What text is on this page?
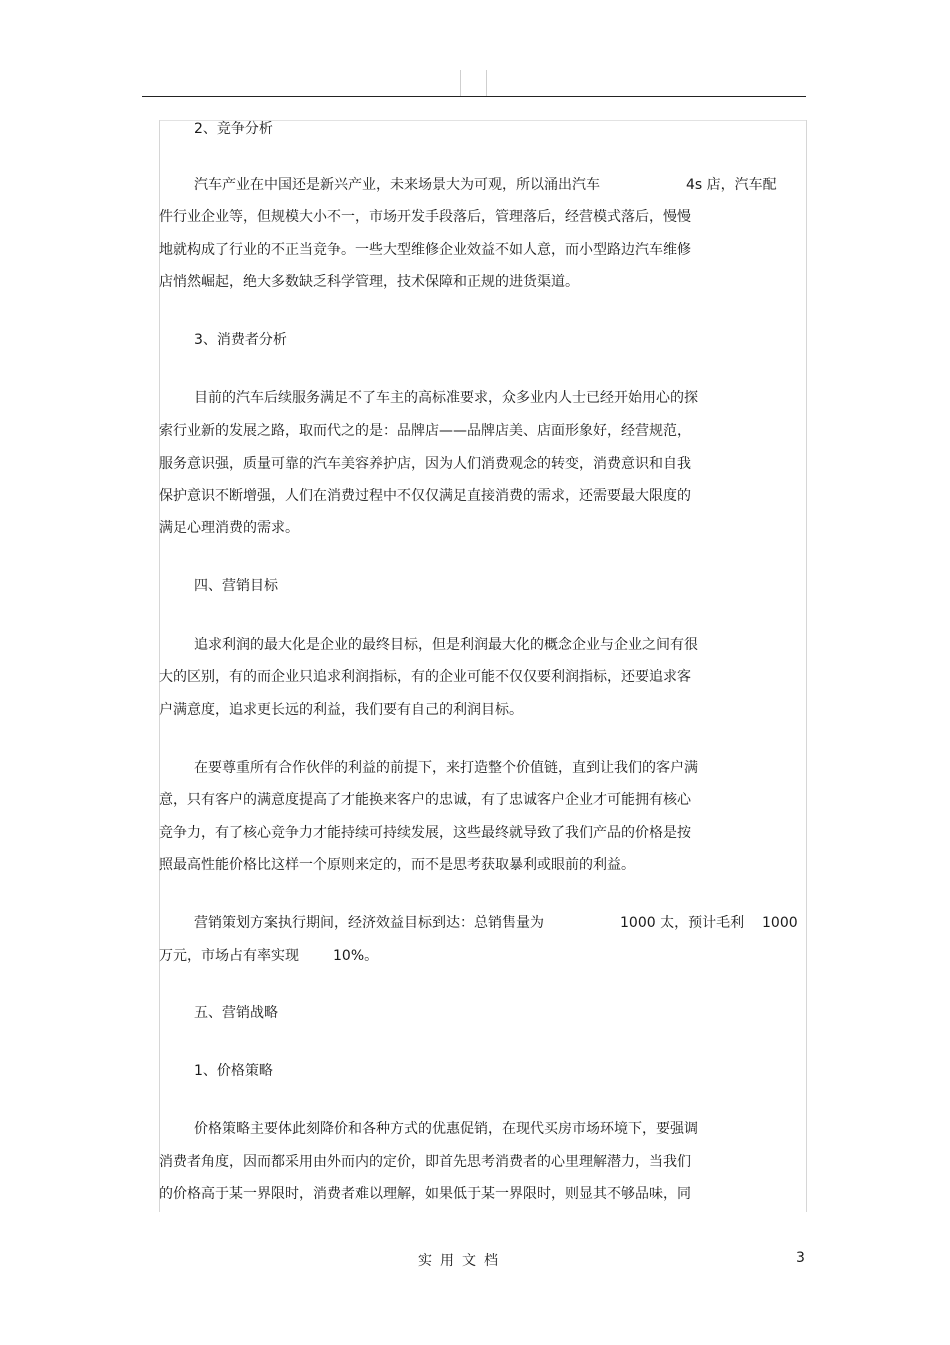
2、竞争分析
汽车产业在中国还是新兴产业，未来场景大为可观，所以涌出汽车	4s 店，汽车配
件行业企业等，但规模大小不一，市场开发手段落后，管理落后，经营模式落后，慢慢
地就构成了行业的不正当竞争。一些大型维修企业效益不如人意，而小型路边汽车维修
店悄然崛起，绝大多数缺乏科学管理，技术保障和正规的进货渠道。
3、消费者分析
目前的汽车后续服务满足不了车主的高标准要求，众多业内人士已经开始用心的探
索行业新的发展之路，取而代之的是：品牌店——品牌店美、店面形象好，经营规范，
服务意识强，质量可靠的汽车美容养护店，因为人们消费观念的转变，消费意识和自我
保护意识不断增强，人们在消费过程中不仅仅满足直接消费的需求，还需要最大限度的
满足心理消费的需求。
四、营销目标
追求利润的最大化是企业的最终目标，但是利润最大化的概念企业与企业之间有很
大的区别，有的而企业只追求利润指标，有的企业可能不仅仅要利润指标，还要追求客
户满意度，追求更长远的利益，我们要有自己的利润目标。
在要尊重所有合作伙伴的利益的前提下，来打造整个价值链，直到让我们的客户满
意，只有客户的满意度提高了才能换来客户的忠诚，有了忠诚客户企业才可能拥有核心
竞争力，有了核心竞争力才能持续可持续发展，这些最终就导致了我们产品的价格是按
照最高性能价格比这样一个原则来定的，而不是思考获取暴利或眼前的利益。
营销策划方案执行期间，经济效益目标到达：总销售量为	1000 太，预计毛利 1000
万元，市场占有率实现 10%。
五、营销战略
1、价格策略
价格策略主要体此刻降价和各种方式的优惠促销，在现代买房市场环境下，要强调
消费者角度，因而都采用由外而内的定价，即首先思考消费者的心里理解潜力，当我们
的价格高于某一界限时，消费者难以理解，如果低于某一界限时，则显其不够品味，同
实用文档	3
